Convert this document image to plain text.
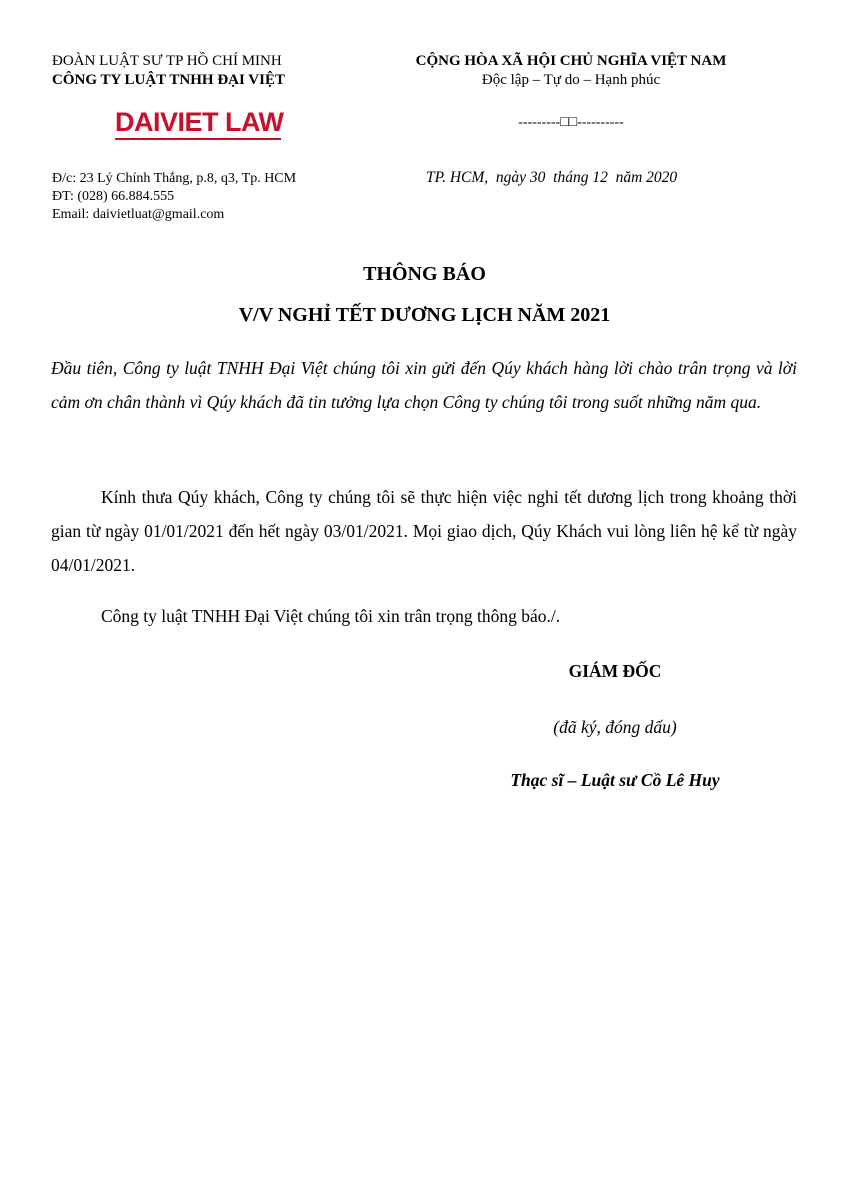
ĐOÀN LUẬT SƯ TP HỒ CHÍ MINH
CÔNG TY LUẬT TNHH ĐẠI VIỆT
DAIVIET LAW
CỘNG HÒA XÃ HỘI CHỦ NGHĨA VIỆT NAM
Độc lập – Tự do – Hạnh phúc
---------□□----------
Đ/c: 23 Lý Chính Thắng, p.8, q3, Tp. HCM
ĐT: (028) 66.884.555
Email: daivietluat@gmail.com
TP. HCM,  ngày 30  tháng 12  năm 2020
THÔNG BÁO
V/V NGHỈ TẾT DƯƠNG LỊCH NĂM 2021
Đầu tiên, Công ty luật TNHH Đại Việt chúng tôi xin gửi đến Qúy khách hàng lời chào trân trọng và lời cảm ơn chân thành vì Qúy khách đã tin tưởng lựa chọn Công ty chúng tôi trong suốt những năm qua.
Kính thưa Qúy khách, Công ty chúng tôi sẽ thực hiện việc nghỉ tết dương lịch trong khoảng thời gian từ ngày 01/01/2021 đến hết ngày 03/01/2021. Mọi giao dịch, Qúy Khách vui lòng liên hệ kể từ ngày 04/01/2021.
Công ty luật TNHH Đại Việt chúng tôi xin trân trọng thông báo./.
GIÁM ĐỐC
(đã ký, đóng dấu)
Thạc sĩ – Luật sư Cồ Lê Huy
